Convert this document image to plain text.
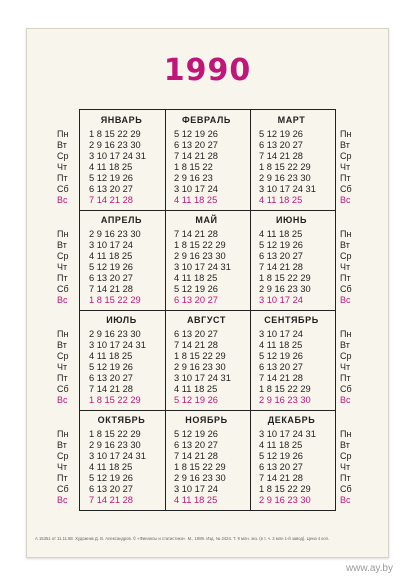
1990
Пн
Вт
Ср
Чт
Пт
Сб
Вс
Пн
Вт
Ср
Чт
Пт
Сб
Вс
Пн
Вт
Ср
Чт
Пт
Сб
Вс
Пн
Вт
Ср
Чт
Пт
Сб
Вс
Пн
Вт
Ср
Чт
Пт
Сб
Вс
Пн
Вт
Ср
Чт
Пт
Сб
Вс
Пн
Вт
Ср
Чт
Пт
Сб
Вс
Пн
Вт
Ср
Чт
Пт
Сб
Вс
А 15351 от 11.11.88. Художник Д. В. Александров. © «Финансы и статистика». М., 1989. Изд. № 2424. Т. 9 млн. экз. (в т. ч. 3 млн 1-й завод). Цена 4 коп.
ЯНВАРЬ
1 8 15 22 29
2 9 16 23 30
3 10 17 24 31
4 11 18 25
5 12 19 26
6 13 20 27
7 14 21 28
ФЕВРАЛЬ
5 12 19 26
6 13 20 27
7 14 21 28
1 8 15 22
2 9 16 23
3 10 17 24
4 11 18 25
МАРТ
5 12 19 26
6 13 20 27
7 14 21 28
1 8 15 22 29
2 9 16 23 30
3 10 17 24 31
4 11 18 25
АПРЕЛЬ
2 9 16 23 30
3 10 17 24
4 11 18 25
5 12 19 26
6 13 20 27
7 14 21 28
1 8 15 22 29
МАЙ
7 14 21 28
1 8 15 22 29
2 9 16 23 30
3 10 17 24 31
4 11 18 25
5 12 19 26
6 13 20 27
ИЮНЬ
4 11 18 25
5 12 19 26
6 13 20 27
7 14 21 28
1 8 15 22 29
2 9 16 23 30
3 10 17 24
ИЮЛЬ
2 9 16 23 30
3 10 17 24 31
4 11 18 25
5 12 19 26
6 13 20 27
7 14 21 28
1 8 15 22 29
АВГУСТ
6 13 20 27
7 14 21 28
1 8 15 22 29
2 9 16 23 30
3 10 17 24 31
4 11 18 25
5 12 19 26
СЕНТЯБРЬ
3 10 17 24
4 11 18 25
5 12 19 26
6 13 20 27
7 14 21 28
1 8 15 22 29
2 9 16 23 30
ОКТЯБРЬ
1 8 15 22 29
2 9 16 23 30
3 10 17 24 31
4 11 18 25
5 12 19 26
6 13 20 27
7 14 21 28
НОЯБРЬ
5 12 19 26
6 13 20 27
7 14 21 28
1 8 15 22 29
2 9 16 23 30
3 10 17 24
4 11 18 25
ДЕКАБРЬ
3 10 17 24 31
4 11 18 25
5 12 19 26
6 13 20 27
7 14 21 28
1 8 15 22 29
2 9 16 23 30
www.ay.by
